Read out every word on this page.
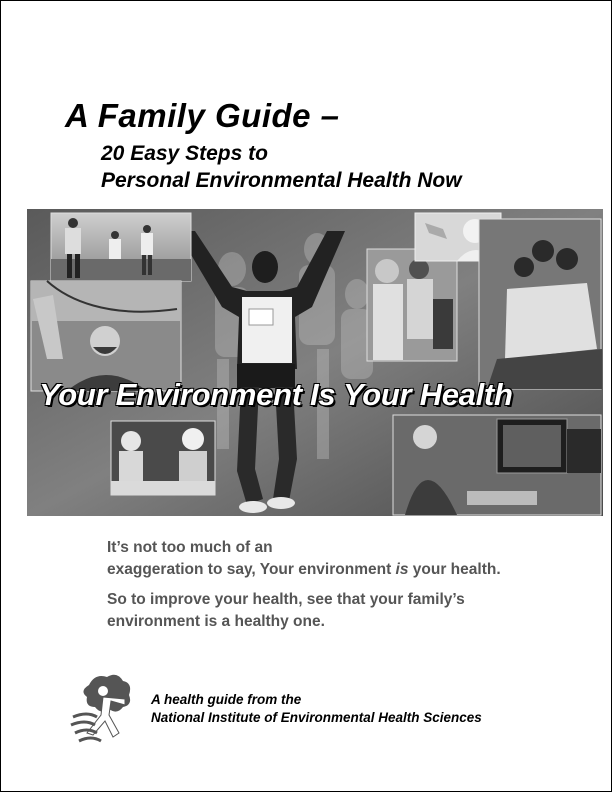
A Family Guide –
20 Easy Steps to
Personal Environmental Health Now
Your Environment Is Your Health

It’s not too much of an
exaggeration to say, Your environment is your health.

So to improve your health, see that your family’s
environment is a healthy one.

A health guide from the
National Institute of Environmental Health Sciences
